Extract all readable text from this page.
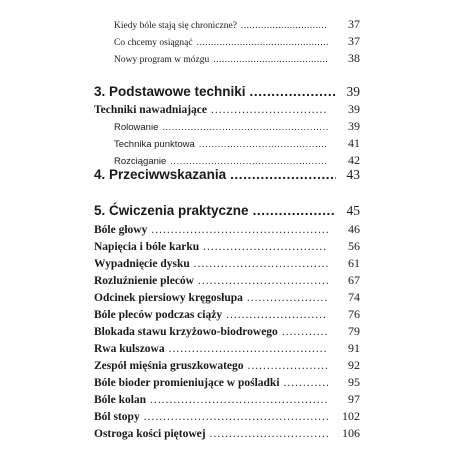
Kiedy bóle stają się chroniczne? .....	37
Co chcemy osiągnąć .....	37
Nowy program w mózgu .....	38
3. Podstawowe techniki .....	39
Techniki nawadniające .....	39
Rolowanie .....	39
Technika punktowa .....	41
Rozciąganie .....	42
4. Przeciwwskazania .....	43
5. Ćwiczenia praktyczne .....	45
Bóle głowy .....	46
Napięcia i bóle karku .....	56
Wypadnięcie dysku .....	61
Rozluźnienie pleców .....	67
Odcinek piersiowy kręgosłupa .....	74
Bóle pleców podczas ciąży .....	76
Blokada stawu krzyżowo-biodrowego .....	79
Rwa kulszowa .....	91
Zespół mięśnia gruszkowatego .....	92
Bóle bioder promieniujące w pośladki .....	95
Bóle kolan .....	97
Ból stopy .....	102
Ostroga kości piętowej .....	106
